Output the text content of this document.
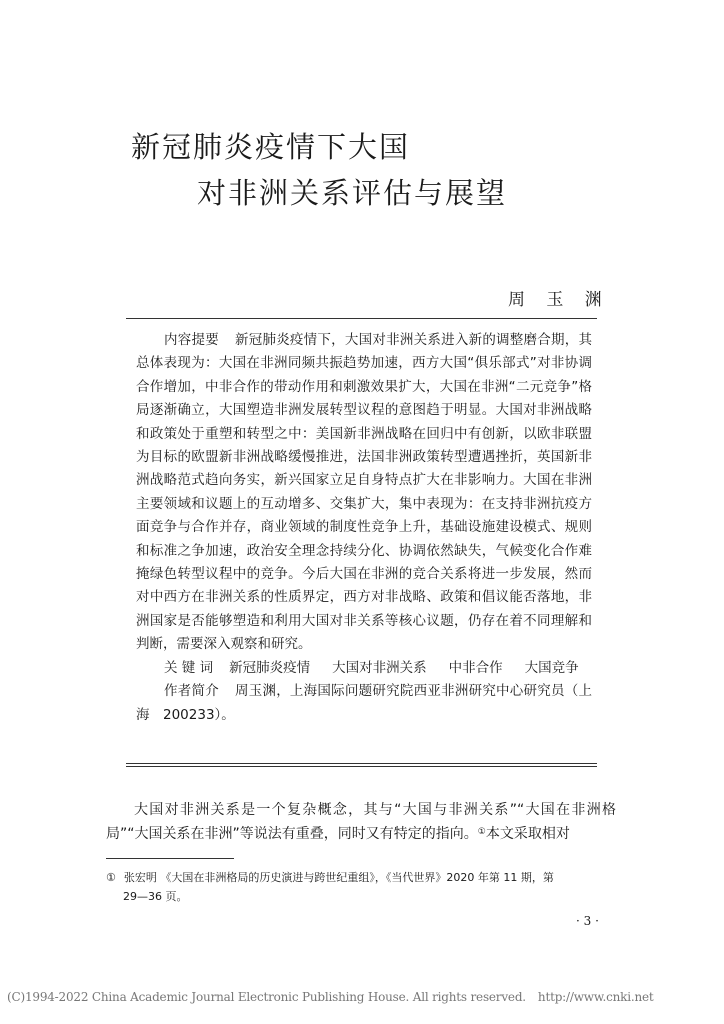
新冠肺炎疫情下大国
对非洲关系评估与展望
周 玉 渊

内容提要 新冠肺炎疫情下，大国对非洲关系进入新的调整磨合期，其总体表现为：大国在非洲同频共振趋势加速，西方大国“俱乐部式”对非协调合作增加，中非合作的带动作用和刺激效果扩大，大国在非洲“二元竞争”格局逐渐确立，大国塑造非洲发展转型议程的意图趋于明显。大国对非洲战略和政策处于重塑和转型之中：美国新非洲战略在回归中有创新，以欧非联盟为目标的欧盟新非洲战略缓慢推进，法国非洲政策转型遭遇挫折，英国新非洲战略范式趋向务实，新兴国家立足自身特点扩大在非影响力。大国在非洲主要领域和议题上的互动增多、交集扩大，集中表现为：在支持非洲抗疫方面竞争与合作并存，商业领域的制度性竞争上升，基础设施建设模式、规则和标准之争加速，政治安全理念持续分化、协调依然缺失，气候变化合作难掩绿色转型议程中的竞争。今后大国在非洲的竞合关系将进一步发展，然而对中西方在非洲关系的性质界定，西方对非战略、政策和倡议能否落地，非洲国家是否能够塑造和利用大国对非关系等核心议题，仍存在着不同理解和判断，需要深入观察和研究。

关 键 词 新冠肺炎疫情 大国对非洲关系 中非合作 大国竞争

作者简介 周玉渊，上海国际问题研究院西亚非洲研究中心研究员（上海　200233）。

大国对非洲关系是一个复杂概念，其与“大国与非洲关系”“大国在非洲格局”“大国关系在非洲”等说法有重叠，同时又有特定的指向。①本文采取相对

① 张宏明 《大国在非洲格局的历史演进与跨世纪重组》，《当代世界》2020 年第 11 期，第
29—36 页。

· 3 ·
(C)1994-2022 China Academic Journal Electronic Publishing House. All rights reserved. http://www.cnki.net
